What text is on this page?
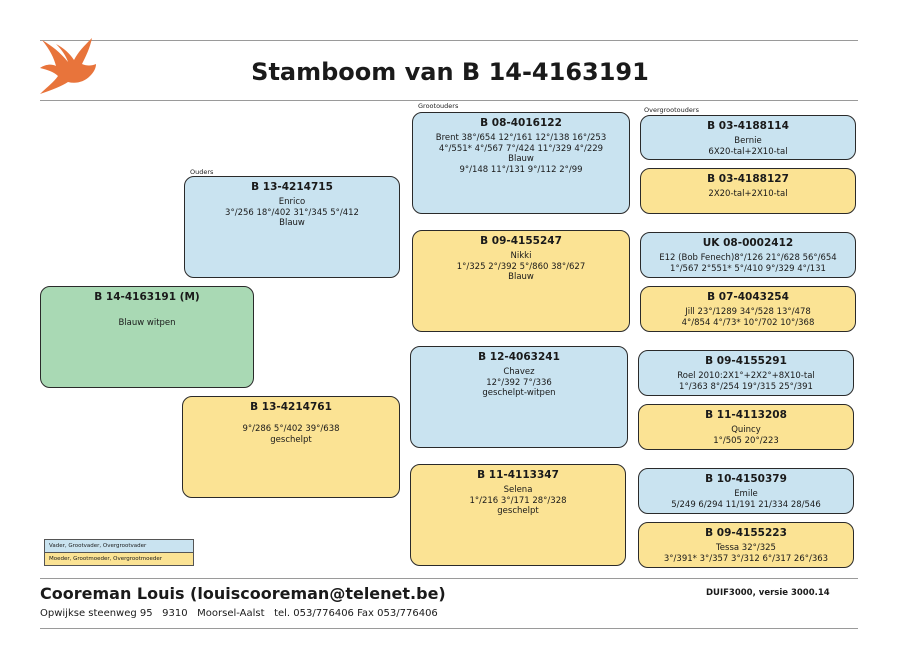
Stamboom van B 14-4163191
Ouders
Grootouders	Overgrootouders
B 14-4163191 (M)
Blauw witpen
B 13-4214715
Enrico
3°/256 18°/402 31°/345 5°/412
Blauw
B 13-4214761
9°/286 5°/402 39°/638
geschelpt
B 08-4016122
Brent 38°/654 12°/161 12°/138 16°/253
4°/551* 4°/567 7°/424 11°/329 4°/229
Blauw
9°/148 11°/131 9°/112 2°/99
B 09-4155247
Nikki
1°/325 2°/392 5°/860 38°/627
Blauw
B 12-4063241
Chavez
12°/392 7°/336
geschelpt-witpen
B 11-4113347
Selena
1°/216 3°/171 28°/328
geschelpt
B 03-4188114
Bernie
6X20-tal+2X10-tal
B 03-4188127
2X20-tal+2X10-tal
UK 08-0002412
E12 (Bob Fenech)8°/126 21°/628 56°/654
1°/567 2°551* 5°/410 9°/329 4°/131
B 07-4043254
Jill 23°/1289 34°/528 13°/478
4°/854 4°/73* 10°/702 10°/368
B 09-4155291
Roel 2010:2X1°+2X2°+8X10-tal
1°/363 8°/254 19°/315 25°/391
B 11-4113208
Quincy
1°/505 20°/223
B 10-4150379
Emile
5/249 6/294 11/191 21/334 28/546
B 09-4155223
Tessa 32°/325
3°/391* 3°/357 3°/312 6°/317 26°/363
Vader, Grootvader, Overgrootvader
Moeder, Grootmoeder, Overgrootmoeder
Cooreman Louis (louiscooreman@telenet.be)
Opwijkse steenweg 95   9310   Moorsel-Aalst   tel. 053/776406 Fax 053/776406
DUIF3000, versie 3000.14
